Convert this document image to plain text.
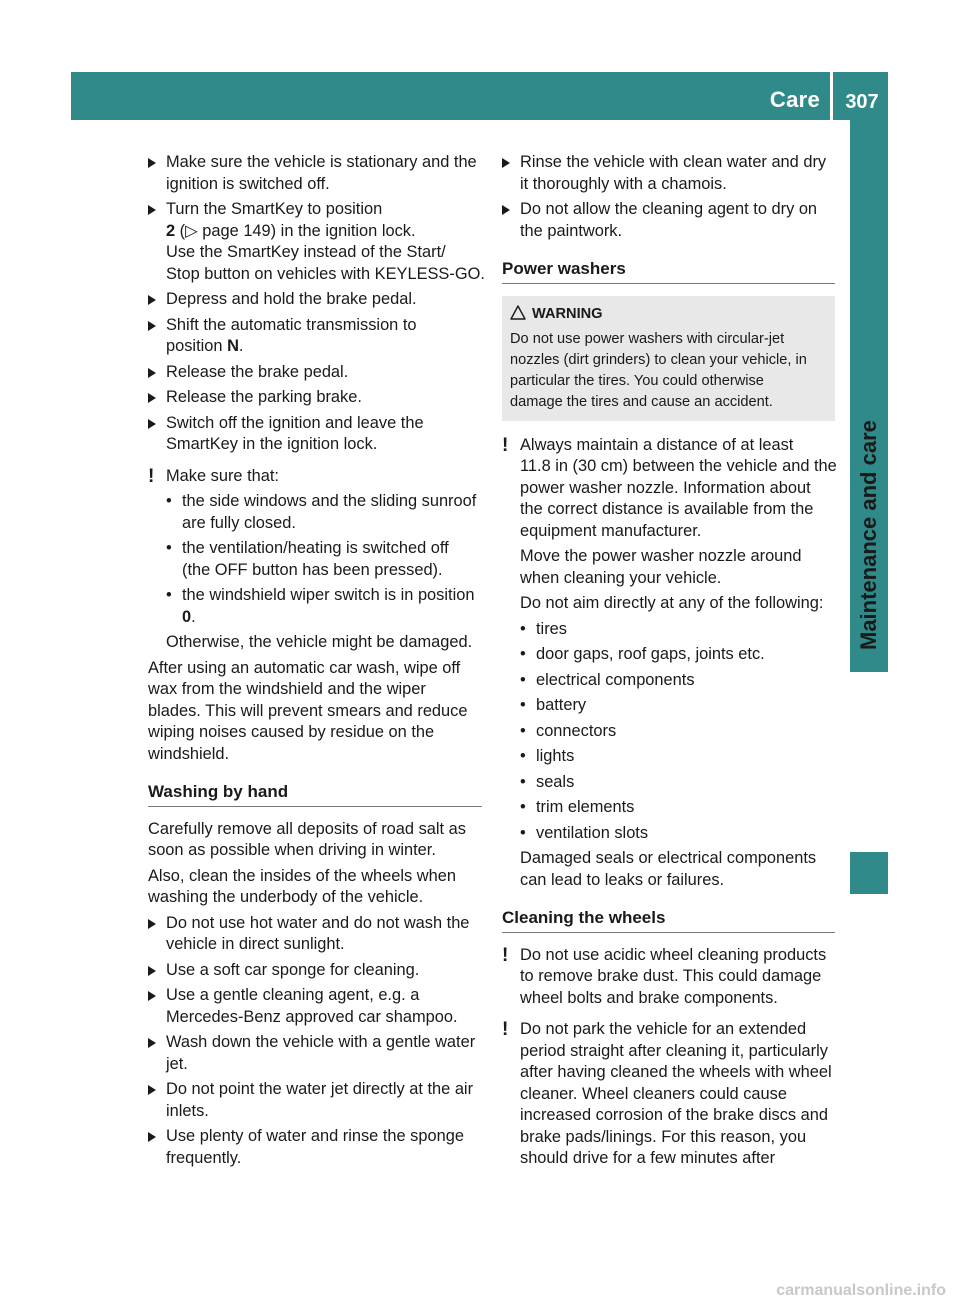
Care	307
Maintenance and care
Make sure the vehicle is stationary and the
ignition is switched off.
Turn the SmartKey to position
2 (▷ page 149) in the ignition lock.
Use the SmartKey instead of the Start/
Stop button on vehicles with KEYLESS-GO.
Depress and hold the brake pedal.
Shift the automatic transmission to
position N.
Release the brake pedal.
Release the parking brake.
Switch off the ignition and leave the
SmartKey in the ignition lock.
! Make sure that:
• the side windows and the sliding sunroof
are fully closed.
• the ventilation/heating is switched off
(the OFF button has been pressed).
• the windshield wiper switch is in position
0.
Otherwise, the vehicle might be damaged.
After using an automatic car wash, wipe off
wax from the windshield and the wiper
blades. This will prevent smears and reduce
wiping noises caused by residue on the
windshield.
Washing by hand
Carefully remove all deposits of road salt as
soon as possible when driving in winter.
Also, clean the insides of the wheels when
washing the underbody of the vehicle.
Do not use hot water and do not wash the
vehicle in direct sunlight.
Use a soft car sponge for cleaning.
Use a gentle cleaning agent, e.g. a
Mercedes-Benz approved car shampoo.
Wash down the vehicle with a gentle water
jet.
Do not point the water jet directly at the air
inlets.
Use plenty of water and rinse the sponge
frequently.
Rinse the vehicle with clean water and dry
it thoroughly with a chamois.
Do not allow the cleaning agent to dry on
the paintwork.
Power washers
WARNING
Do not use power washers with circular-jet
nozzles (dirt grinders) to clean your vehicle, in
particular the tires. You could otherwise
damage the tires and cause an accident.
! Always maintain a distance of at least
11.8 in (30 cm) between the vehicle and the
power washer nozzle. Information about
the correct distance is available from the
equipment manufacturer.
Move the power washer nozzle around
when cleaning your vehicle.
Do not aim directly at any of the following:
• tires
• door gaps, roof gaps, joints etc.
• electrical components
• battery
• connectors
• lights
• seals
• trim elements
• ventilation slots
Damaged seals or electrical components
can lead to leaks or failures.
Cleaning the wheels
! Do not use acidic wheel cleaning products
to remove brake dust. This could damage
wheel bolts and brake components.
! Do not park the vehicle for an extended
period straight after cleaning it, particularly
after having cleaned the wheels with wheel
cleaner. Wheel cleaners could cause
increased corrosion of the brake discs and
brake pads/linings. For this reason, you
should drive for a few minutes after
carmanualsonline.info
